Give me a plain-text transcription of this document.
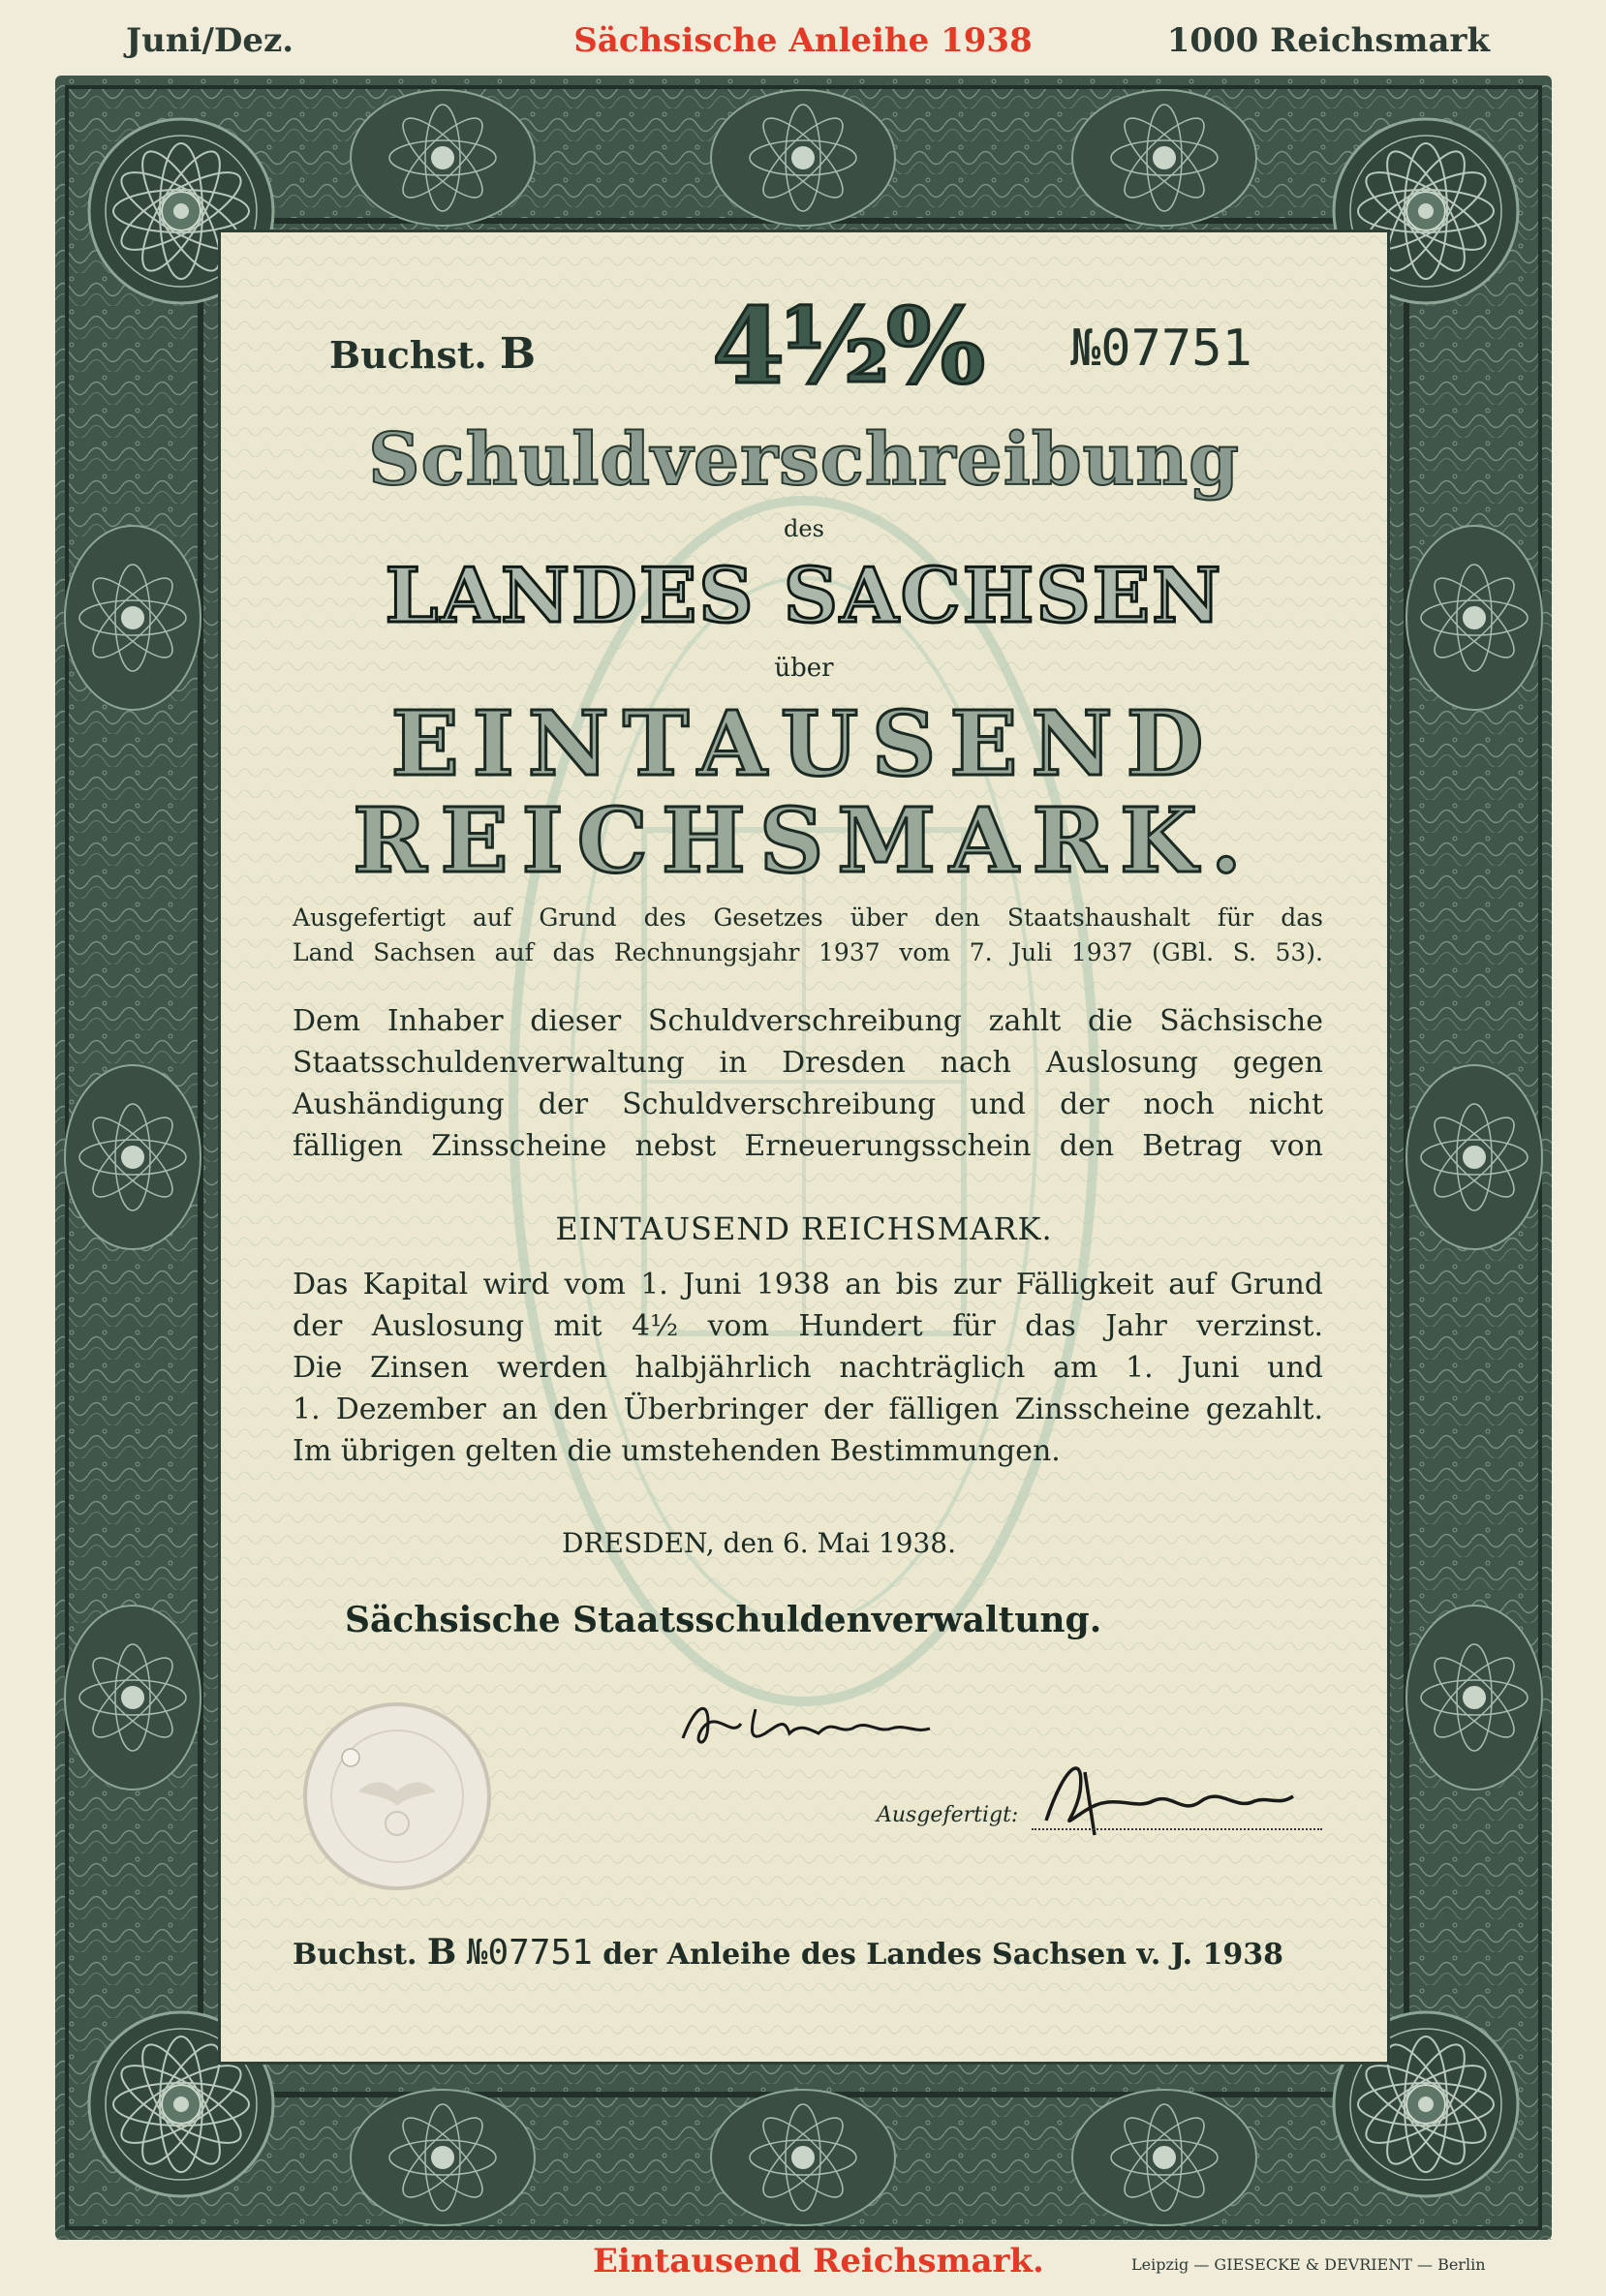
Juni/Dez.	Sächsische Anleihe 1938	1000 Reichsmark
Buchst. B 4½% №07751
Schuldverschreibung
des
LANDES SACHSEN
über
EINTAUSEND
REICHSMARK.
Ausgefertigt auf Grund des Gesetzes über den Staatshaushalt für das
Land Sachsen auf das Rechnungsjahr 1937 vom 7. Juli 1937 (GBl. S. 53).
Dem Inhaber dieser Schuldverschreibung zahlt die Sächsische
Staatsschuldenverwaltung in Dresden nach Auslosung gegen
Aushändigung der Schuldverschreibung und der noch nicht
fälligen Zinsscheine nebst Erneuerungsschein den Betrag von
EINTAUSEND REICHSMARK.
Das Kapital wird vom 1. Juni 1938 an bis zur Fälligkeit auf Grund
der Auslosung mit 4½ vom Hundert für das Jahr verzinst.
Die Zinsen werden halbjährlich nachträglich am 1. Juni und
1. Dezember an den Überbringer der fälligen Zinsscheine gezahlt.
Im übrigen gelten die umstehenden Bestimmungen.
DRESDEN, den 6. Mai 1938.
Sächsische Staatsschuldenverwaltung.
Ausgefertigt:
Buchst. B №07751 der Anleihe des Landes Sachsen v. J. 1938
Eintausend Reichsmark.	Leipzig — GIESECKE & DEVRIENT — Berlin
